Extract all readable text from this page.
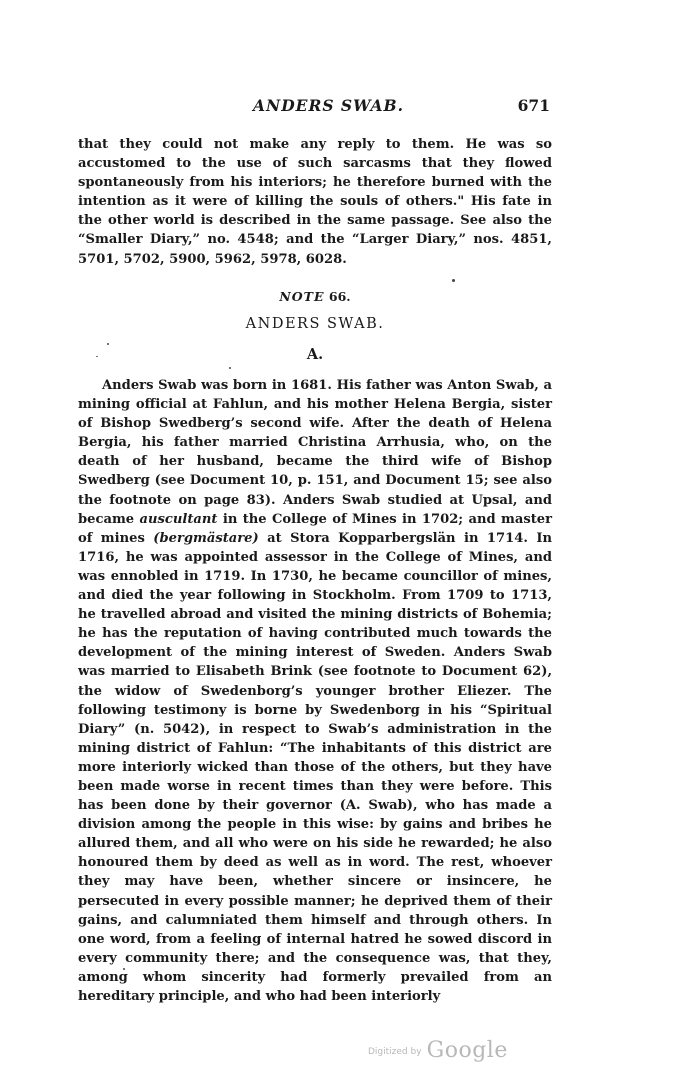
ANDERS SWAB.	671

that they could not make any reply to them. He was so accustomed to the use of such sarcasms that they flowed spontaneously from his interiors; he therefore burned with the intention as it were of killing the souls of others." His fate in the other world is described in the same passage. See also the “Smaller Diary,” no. 4548; and the “Larger Diary,” nos. 4851, 5701, 5702, 5900, 5962, 5978, 6028.

NOTE 66.
ANDERS SWAB.
A.

Anders Swab was born in 1681. His father was Anton Swab, a mining official at Fahlun, and his mother Helena Bergia, sister of Bishop Swedberg’s second wife. After the death of Helena Bergia, his father married Christina Arrhusia, who, on the death of her husband, became the third wife of Bishop Swedberg (see Document 10, p. 151, and Document 15; see also the footnote on page 83). Anders Swab studied at Upsal, and became auscultant in the College of Mines in 1702; and master of mines (bergmästare) at Stora Kopparbergslän in 1714. In 1716, he was appointed assessor in the College of Mines, and was ennobled in 1719. In 1730, he became councillor of mines, and died the year following in Stockholm. From 1709 to 1713, he travelled abroad and visited the mining districts of Bohemia; he has the reputation of having contributed much towards the development of the mining interest of Sweden. Anders Swab was married to Elisabeth Brink (see footnote to Document 62), the widow of Swedenborg’s younger brother Eliezer. The following testimony is borne by Swedenborg in his “Spiritual Diary” (n. 5042), in respect to Swab’s administration in the mining district of Fahlun: “The inhabitants of this district are more interiorly wicked than those of the others, but they have been made worse in recent times than they were before. This has been done by their governor (A. Swab), who has made a division among the people in this wise: by gains and bribes he allured them, and all who were on his side he rewarded; he also honoured them by deed as well as in word. The rest, whoever they may have been, whether sincere or insincere, he persecuted in every possible manner; he deprived them of their gains, and calumniated them himself and through others. In one word, from a feeling of internal hatred he sowed discord in every community there; and the consequence was, that they, among whom sincerity had formerly prevailed from an hereditary principle, and who had been interiorly

Digitized by Google
